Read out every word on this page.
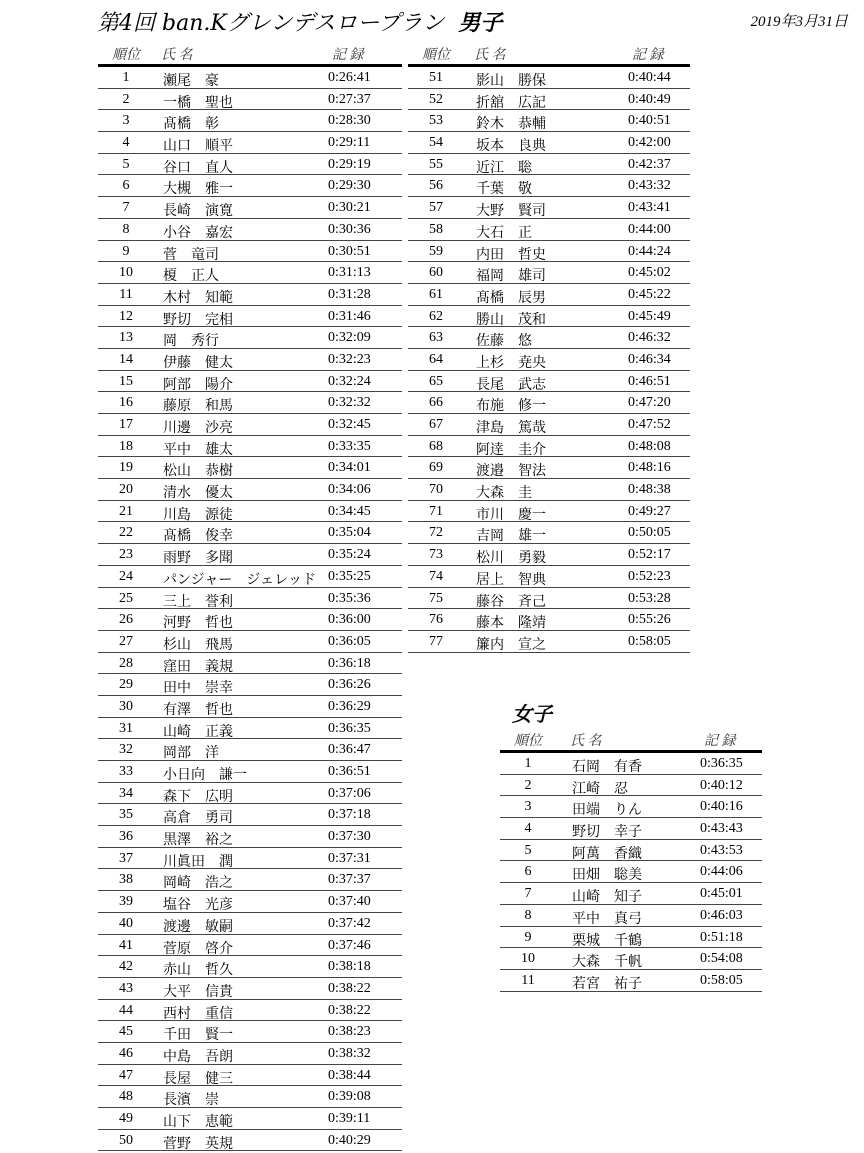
第4回 ban.Kグレンデスロープラン 男子	2019年3月31日
順位 氏 名	記 録
1	瀬尾　豪	0:26:41
2	一橋　聖也	0:27:37
3	髙橋　彰	0:28:30
4	山口　順平	0:29:11
5	谷口　直人	0:29:19
6	大槻　雅一	0:29:30
7	長崎　演寛	0:30:21
8	小谷　嘉宏	0:30:36
9	菅　竜司	0:30:51
10	榎　正人	0:31:13
11	木村　知範	0:31:28
12	野切　完相	0:31:46
13	岡　秀行	0:32:09
14	伊藤　健太	0:32:23
15	阿部　陽介	0:32:24
16	藤原　和馬	0:32:32
17	川邊　沙亮	0:32:45
18	平中　雄太	0:33:35
19	松山　恭樹	0:34:01
20	清水　優太	0:34:06
21	川島　源徒	0:34:45
22	髙橋　俊幸	0:35:04
23	雨野　多聞	0:35:24
24	パンジャー　ジェレッド 0:35:25
25	三上　誉利	0:35:36
26	河野　哲也	0:36:00
27	杉山　飛馬	0:36:05
28	窪田　義規	0:36:18
29	田中　崇幸	0:36:26
30	有澤　哲也	0:36:29
31	山崎　正義	0:36:35
32	岡部　洋	0:36:47
33	小日向　謙一	0:36:51
34	森下　広明	0:37:06
35	高倉　勇司	0:37:18
36	黒澤　裕之	0:37:30
37	川眞田　潤	0:37:31
38	岡崎　浩之	0:37:37
39	塩谷　光彦	0:37:40
40	渡邊　敏嗣	0:37:42
41	菅原　啓介	0:37:46
42	赤山　哲久	0:38:18
43	大平　信貴	0:38:22
44	西村　重信	0:38:22
45	千田　賢一	0:38:23
46	中島　吾朗	0:38:32
47	長屋　健三	0:38:44
48	長濱　崇	0:39:08
49	山下　恵範	0:39:11
50	菅野　英規	0:40:29
順位 氏 名	記 録
51	影山　勝保	0:40:44
52	折舘　広記	0:40:49
53	鈴木　恭輔	0:40:51
54	坂本　良典	0:42:00
55	近江　聡	0:42:37
56	千葉　敬	0:43:32
57	大野　賢司	0:43:41
58	大石　正	0:44:00
59	内田　哲史	0:44:24
60	福岡　雄司	0:45:02
61	髙橋　辰男	0:45:22
62	勝山　茂和	0:45:49
63	佐藤　悠	0:46:32
64	上杉　尭央	0:46:34
65	長尾　武志	0:46:51
66	布施　修一	0:47:20
67	津島　篤哉	0:47:52
68	阿逹　圭介	0:48:08
69	渡邉　智法	0:48:16
70	大森　圭	0:48:38
71	市川　慶一	0:49:27
72	吉岡　雄一	0:50:05
73	松川　勇毅	0:52:17
74	居上　智典	0:52:23
75	藤谷　斉己	0:53:28
76	藤本　隆靖	0:55:26
77	簾内　宣之	0:58:05
女子
順位 氏 名	記 録
1	石岡　有香	0:36:35
2	江崎　忍	0:40:12
3	田端　りん	0:40:16
4	野切　幸子	0:43:43
5	阿萬　香織	0:43:53
6	田畑　聡美	0:44:06
7	山崎　知子	0:45:01
8	平中　真弓	0:46:03
9	栗城　千鶴	0:51:18
10	大森　千帆	0:54:08
11	若宮　祐子	0:58:05
